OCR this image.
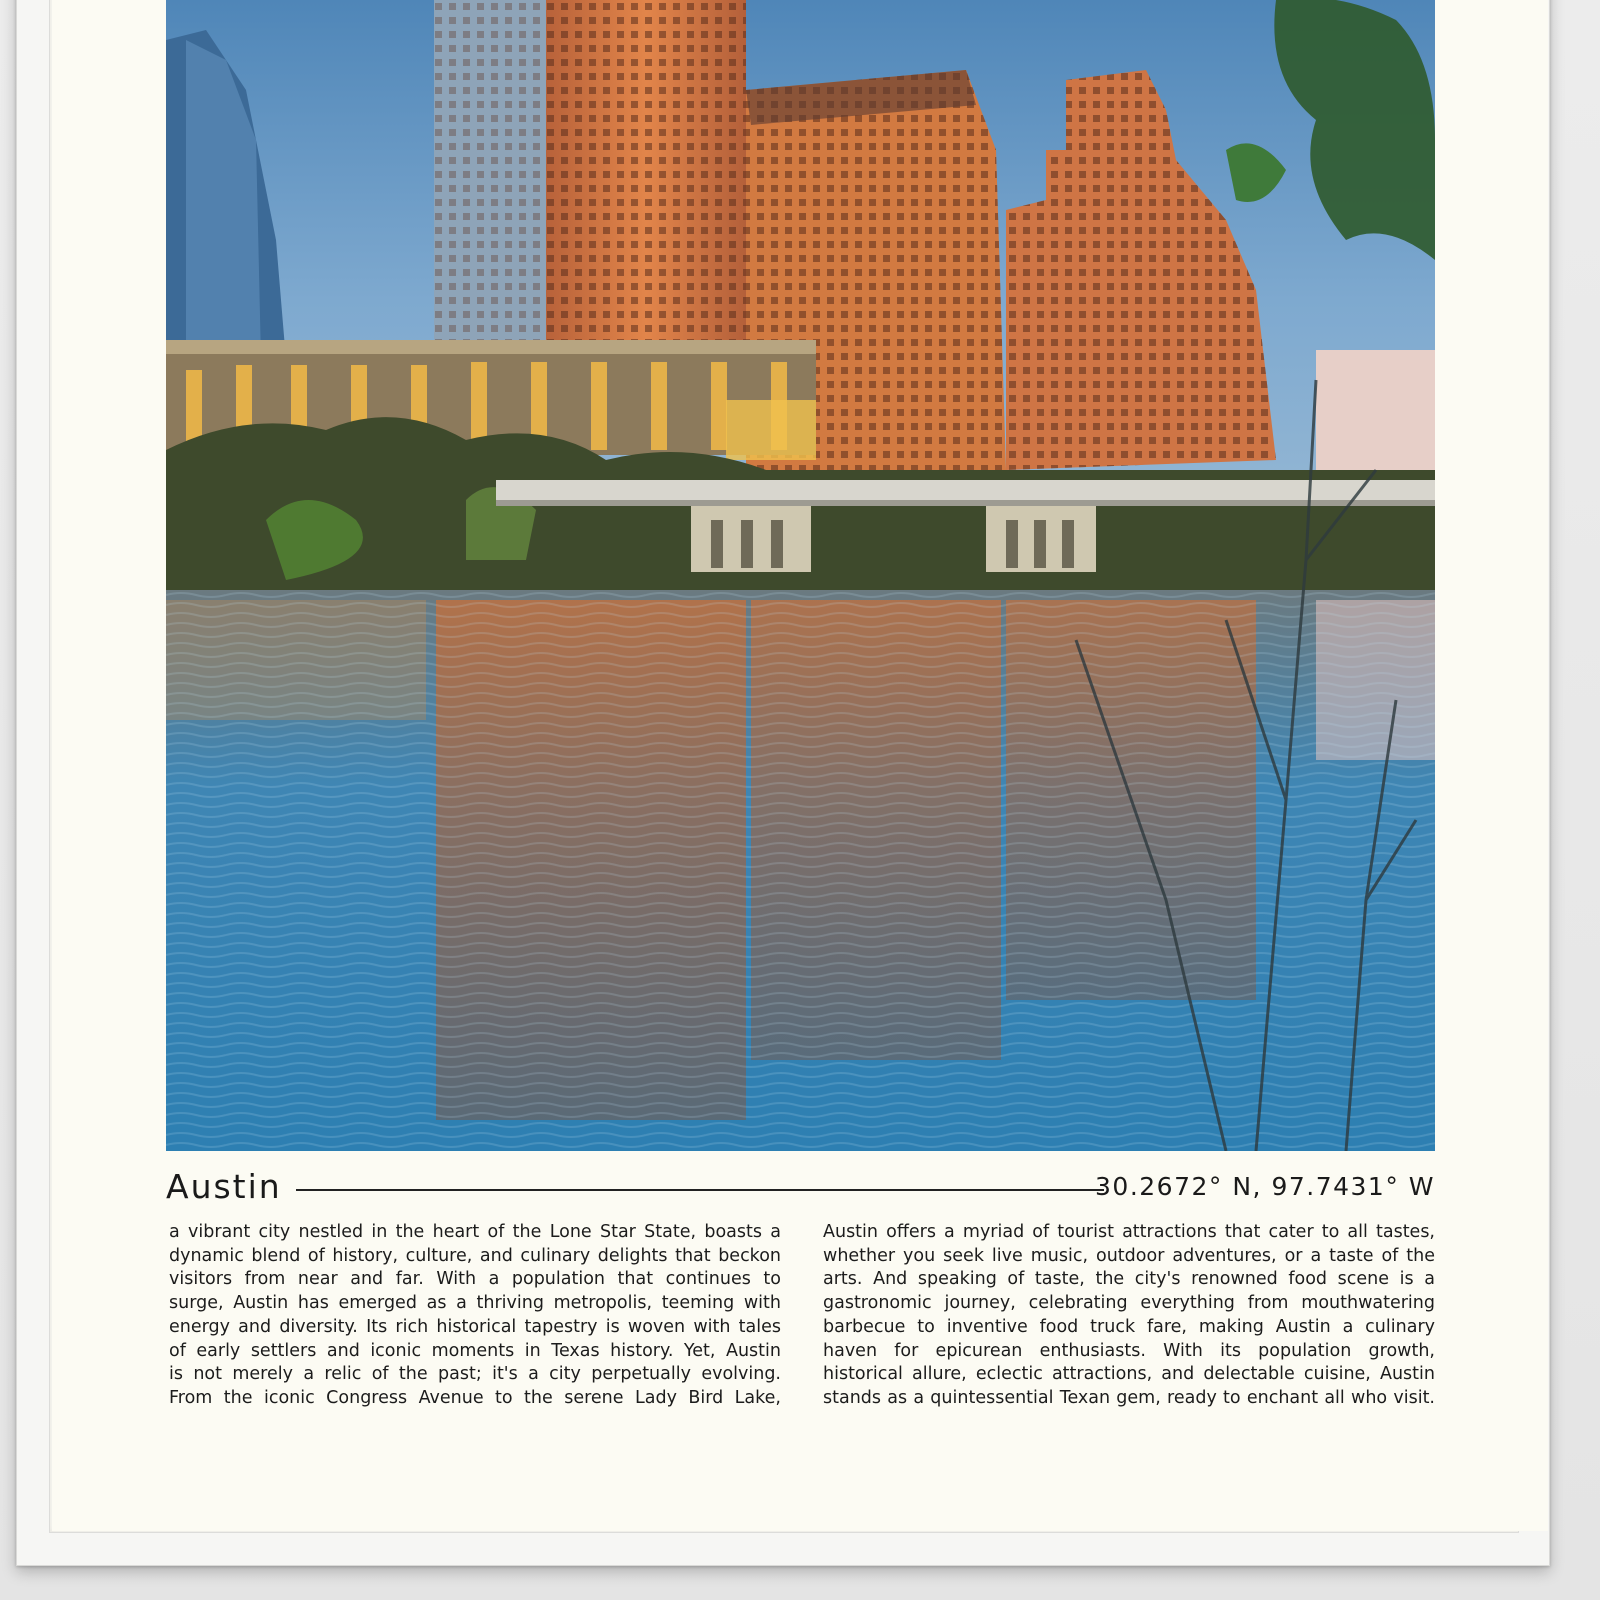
Austin	30.2672° N, 97.7431° W
a vibrant city nestled in the heart of the Lone Star State, boasts a
dynamic blend of history, culture, and culinary delights that beckon
visitors from near and far. With a population that continues to
surge, Austin has emerged as a thriving metropolis, teeming with
energy and diversity. Its rich historical tapestry is woven with tales
of early settlers and iconic moments in Texas history. Yet, Austin
is not merely a relic of the past; it's a city perpetually evolving.
From the iconic Congress Avenue to the serene Lady Bird Lake,
Austin offers a myriad of tourist attractions that cater to all tastes,
whether you seek live music, outdoor adventures, or a taste of the
arts. And speaking of taste, the city's renowned food scene is a
gastronomic journey, celebrating everything from mouthwatering
barbecue to inventive food truck fare, making Austin a culinary
haven for epicurean enthusiasts. With its population growth,
historical allure, eclectic attractions, and delectable cuisine, Austin
stands as a quintessential Texan gem, ready to enchant all who visit.
